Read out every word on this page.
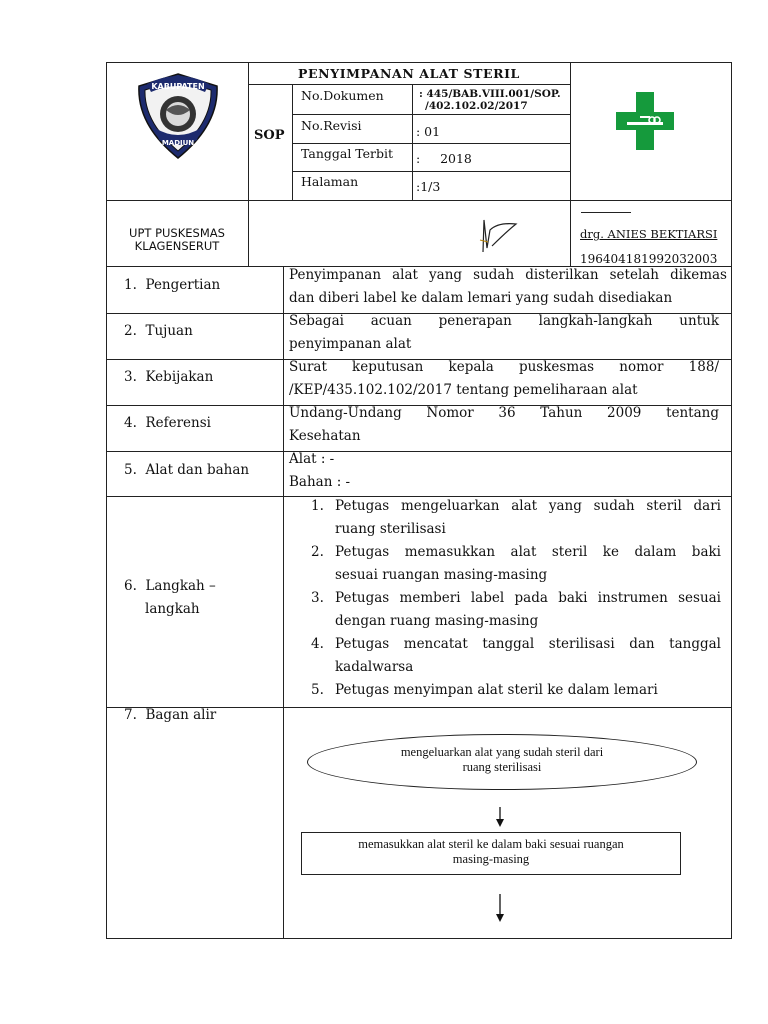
PENYIMPANAN ALAT STERIL
SOP
No.Dokumen	: 445/BAB.VIII.001/SOP.
/402.102.02/2017
No.Revisi	: 01
Tanggal Terbit :     2018
Halaman	:1/3
KABUPATEN
MADIUN
UPT PUSKESMAS
KLAGENSERUT
drg. ANIES BEKTIARSI
196404181992032003
1.  Pengertian
Penyimpanan alat yang sudah disterilkan setelah dikemas
dan diberi label ke dalam lemari yang sudah disediakan
2.  Tujuan
Sebagai acuan penerapan langkah-langkah untuk
penyimpanan alat
3.  Kebijakan
Surat keputusan kepala puskesmas nomor 188/
/KEP/435.102.102/2017 tentang pemeliharaan alat
4.  Referensi
Undang-Undang Nomor 36 Tahun 2009 tentang
Kesehatan
5.  Alat dan bahan
Alat : -
Bahan : -
6.  Langkah –
langkah
1. Petugas mengeluarkan alat yang sudah steril dari
ruang sterilisasi
2. Petugas memasukkan alat steril ke dalam baki
sesuai ruangan masing-masing
3. Petugas memberi label pada baki instrumen sesuai
dengan ruang masing-masing
4. Petugas mencatat tanggal sterilisasi dan tanggal
kadalwarsa
5. Petugas menyimpan alat steril ke dalam lemari
7.  Bagan alir
mengeluarkan alat yang sudah steril dari
ruang sterilisasi
memasukkan alat steril ke dalam baki sesuai ruangan
masing-masing
